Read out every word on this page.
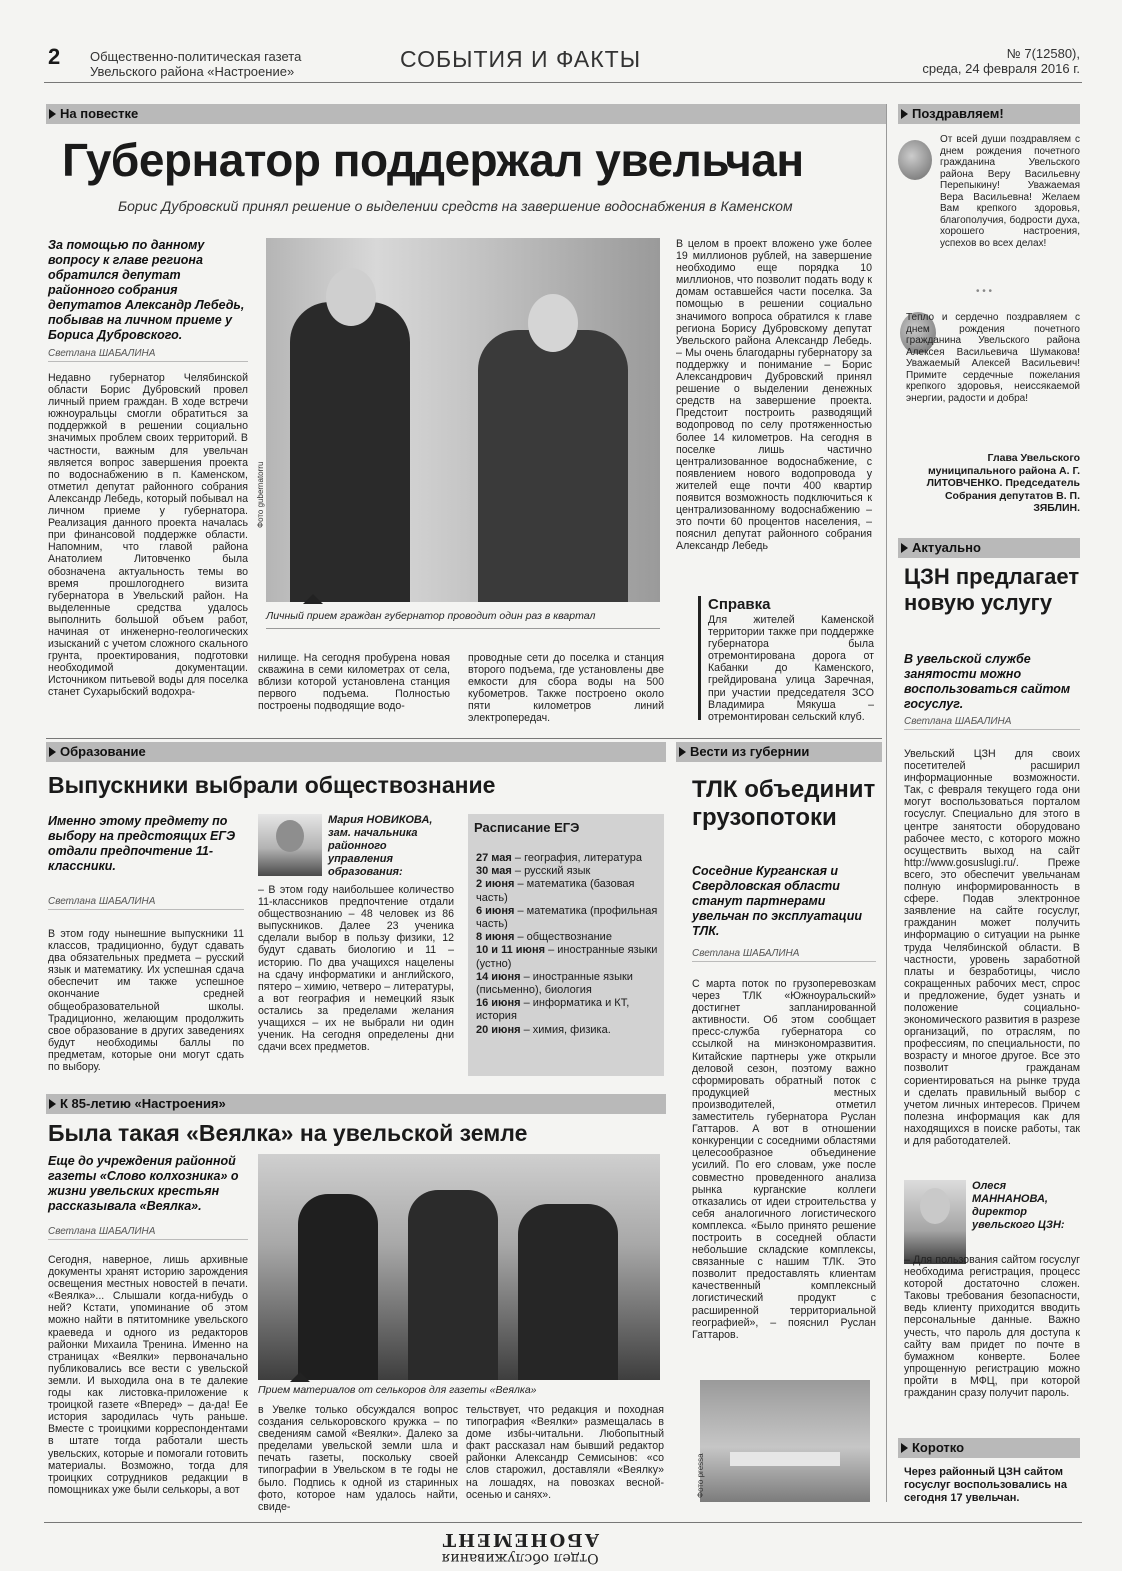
2 Общественно-политическая газета
Увельского района «Настроение»	СОБЫТИЯ И ФАКТЫ	№ 7(12580),
среда, 24 февраля 2016 г.
На повестке
Губернатор поддержал увельчан
Борис Дубровский принял решение о выделении средств на завершение водоснабжения в Каменском
За помощью по данному вопросу к главе региона обратился депутат районного собрания депутатов Александр Лебедь, побывав на личном приеме у Бориса Дубровского.
Светлана ШАБАЛИНА
Недавно губернатор Челябинской области Борис Дубровский провел личный прием граждан. В ходе встречи южноуральцы смогли обратиться за поддержкой в решении социально значимых проблем своих территорий. В частности, важным для увельчан является вопрос завершения проекта по водоснабжению в п. Каменском, отметил депутат районного собрания Александр Лебедь, который побывал на личном приеме у губернатора. Реализация данного проекта началась при финансовой поддержке области. Напомним, что главой района Анатолием Литовченко была обозначена актуальность темы во время прошлогоднего визита губернатора в Увельский район. На выделенные средства удалось выполнить большой объем работ, начиная от инженерно-геологических изысканий с учетом сложного скального грунта, проектирования, подготовки необходимой документации. Источником питьевой воды для поселка станет Сухарыбский водохра-
Фото gubernatorru
Личный прием граждан губернатор проводит один раз в квартал
нилище. На сегодня пробурена новая скважина в семи километрах от села, вблизи которой установлена станция первого подъема. Полностью построены подводящие водо-
проводные сети до поселка и станция второго подъема, где установлены две емкости для сбора воды на 500 кубометров. Также построено около пяти километров линий электропередач.
В целом в проект вложено уже более 19 миллионов рублей, на завершение необходимо еще порядка 10 миллионов, что позволит подать воду к домам оставшейся части поселка. За помощью в решении социально значимого вопроса обратился к главе региона Борису Дубровскому депутат Увельского района Александр Лебедь. – Мы очень благодарны губернатору за поддержку и понимание – Борис Александрович Дубровский принял решение о выделении денежных средств на завершение проекта. Предстоит построить разводящий водопровод по селу протяженностью более 14 километров. На сегодня в поселке лишь частично централизованное водоснабжение, с появлением нового водопровода у жителей еще почти 400 квартир появится возможность подключиться к централизованному водоснабжению – это почти 60 процентов населения, – пояснил депутат районного собрания Александр Лебедь
Справка
Для жителей Каменской территории также при поддержке губернатора была отремонтирована дорога от Кабанки до Каменского, грейдирована улица Заречная, при участии председателя ЗСО Владимира Мякуша – отремонтирован сельский клуб.
Поздравляем!
От всей души поздравляем с днем рождения почетного гражданина Увельского района Веру Васильевну Перепыкину! Уважаемая Вера Васильевна! Желаем Вам крепкого здоровья, благополучия, бодрости духа, хорошего настроения, успехов во всех делах!
• • •
Тепло и сердечно поздравляем с днем рождения почетного гражданина Увельского района Алексея Васильевича Шумакова! Уважаемый Алексей Васильевич! Примите сердечные пожелания крепкого здоровья, неиссякаемой энергии, радости и добра!
Глава Увельского муниципального района А. Г. ЛИТОВЧЕНКО. Председатель Собрания депутатов В. П. ЗЯБЛИН.
Актуально
ЦЗН предлагает новую услугу
В увельской службе занятости можно воспользоваться сайтом госуслуг.
Светлана ШАБАЛИНА
Увельский ЦЗН для своих посетителей расширил информационные возможности. Так, с февраля текущего года они могут воспользоваться порталом госуслуг. Специально для этого в центре занятости оборудовано рабочее место, с которого можно осуществить выход на сайт http://www.gosuslugi.ru/. Преже всего, это обеспечит увельчанам полную информированность в сфере. Подав электронное заявление на сайте госуслуг, гражданин может получить информацию о ситуации на рынке труда Челябинской области. В частности, уровень заработной платы и безработицы, число сокращенных рабочих мест, спрос и предложение, будет узнать и положение социально-экономического развития в разрезе организаций, по отраслям, по профессиям, по специальности, по возрасту и многое другое. Все это позволит гражданам сориентироваться на рынке труда и сделать правильный выбор с учетом личных интересов. Причем полезна информация как для находящихся в поиске работы, так и для работодателей.
Олеся МАННАНОВА,
директор увельского ЦЗН:
– Для пользования сайтом госуслуг необходима регистрация, процесс которой достаточно сложен. Таковы требования безопасности, ведь клиенту приходится вводить персональные данные. Важно учесть, что пароль для доступа к сайту вам придет по почте в бумажном конверте. Более упрощенную регистрацию можно пройти в МФЦ, при которой гражданин сразу получит пароль.
Коротко
Через районный ЦЗН сайтом госуслуг воспользовались на сегодня 17 увельчан.
Образование
Выпускники выбрали обществознание
Именно этому предмету по выбору на предстоящих ЕГЭ отдали предпочтение 11-классники.
Светлана ШАБАЛИНА
В этом году нынешние выпускники 11 классов, традиционно, будут сдавать два обязательных предмета – русский язык и математику. Их успешная сдача обеспечит им также успешное окончание средней общеобразовательной школы. Традиционно, желающим продолжить свое образование в других заведениях будут необходимы баллы по предметам, которые они могут сдать по выбору.
Мария НОВИКОВА,
зам. начальника районного управления образования:
– В этом году наибольшее количество 11-классников предпочтение отдали обществознанию – 48 человек из 86 выпускников. Далее 23 ученика сделали выбор в пользу физики, 12 будут сдавать биологию и 11 – историю. По два учащихся нацелены на сдачу информатики и английского, пятеро – химию, четверо – литературы, а вот география и немецкий язык остались за пределами желания учащихся – их не выбрали ни один ученик. На сегодня определены дни сдачи всех предметов.
Расписание ЕГЭ
27 мая – география, литература
30 мая – русский язык
2 июня – математика (базовая часть)
6 июня – математика (профильная часть)
8 июня – обществознание
10 и 11 июня – иностранные языки (устно)
14 июня – иностранные языки (письменно), биология
16 июня – информатика и КТ, история
20 июня – химия, физика.
Вести из губернии
ТЛК объединит грузопотоки
Соседние Курганская и Свердловская области станут партнерами увельчан по эксплуатации ТЛК.
Светлана ШАБАЛИНА
С марта поток по грузоперевозкам через ТЛК «Южноуральский» достигнет запланированной активности. Об этом сообщает пресс-служба губернатора со ссылкой на минэкономразвития. Китайские партнеры уже открыли деловой сезон, поэтому важно сформировать обратный поток с продукцией местных производителей, отметил заместитель губернатора Руслан Гаттаров. А вот в отношении конкуренции с соседними областями целесообразное объединение усилий. По его словам, уже после совместно проведенного анализа рынка курганские коллеги отказались от идеи строительства у себя аналогичного логистического комплекса. «Было принято решение построить в соседней области небольшие складские комплексы, связанные с нашим ТЛК. Это позволит предоставлять клиентам качественный комплексный логистический продукт с расширенной территориальной географией», – пояснил Руслан Гаттаров.
Фото pressa
К 85-летию «Настроения»
Была такая «Веялка» на увельской земле
Еще до учреждения районной газеты «Слово колхозника» о жизни увельских крестьян рассказывала «Веялка».
Светлана ШАБАЛИНА
Сегодня, наверное, лишь архивные документы хранят историю зарождения освещения местных новостей в печати. «Веялка»... Слышали когда-нибудь о ней? Кстати, упоминание об этом можно найти в пятитомнике увельского краеведа и одного из редакторов районки Михаила Тренина. Именно на страницах «Веялки» первоначально публиковались все вести с увельской земли. И выходила она в те далекие годы как листовка-приложение к троицкой газете «Вперед» – да-да! Ее история зародилась чуть раньше. Вместе с троицкими корреспондентами в штате тогда работали шесть увельских, которые и помогали готовить материалы. Возможно, тогда для троицких сотрудников редакции в помощниках уже были селькоры, а вот
Прием материалов от селькоров для газеты «Веялка»
в Увелке только обсуждался вопрос создания селькоровского кружка – по сведениям самой «Веялки». Далеко за пределами увельской земли шла и печать газеты, поскольку своей типографии в Увельском в те годы не было. Подпись к одной из старинных фото, которое нам удалось найти, свиде-
тельствует, что редакция и походная типография «Веялки» размещалась в доме избы-читальни. Любопытный факт рассказал нам бывший редактор районки Александр Семисынов: «со слов старожил, доставляли «Веялку» на лошадях, на повозках весной-осенью и санях».
Отдел обслуживания
АБОНЕМЕНТ
